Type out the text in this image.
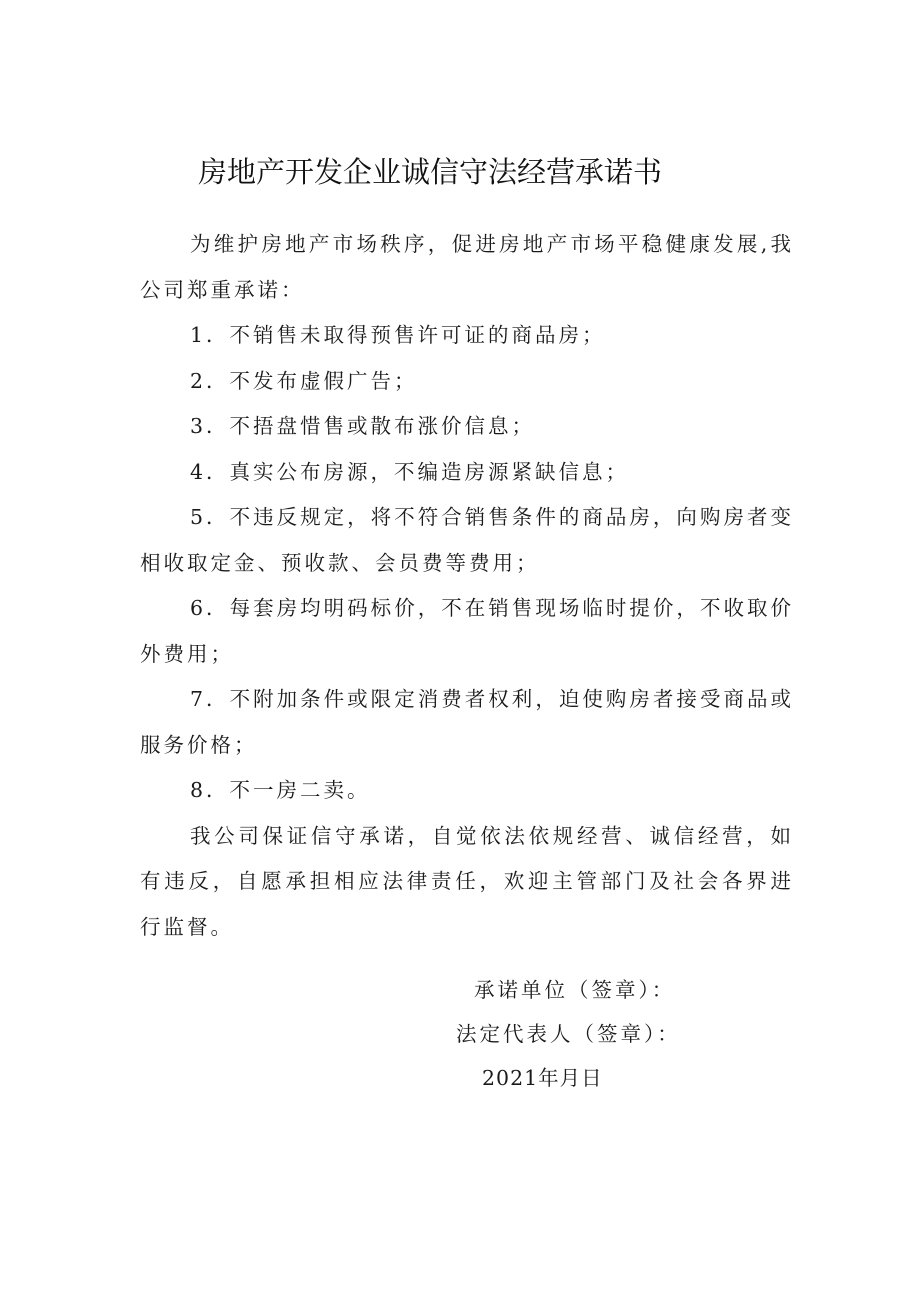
房地产开发企业诚信守法经营承诺书

为维护房地产市场秩序，促进房地产市场平稳健康发展,我公司郑重承诺：

1．不销售未取得预售许可证的商品房；

2．不发布虚假广告；

3．不捂盘惜售或散布涨价信息；

4．真实公布房源，不编造房源紧缺信息；

5．不违反规定，将不符合销售条件的商品房，向购房者变相收取定金、预收款、会员费等费用；

6．每套房均明码标价，不在销售现场临时提价，不收取价外费用；

7．不附加条件或限定消费者权利，迫使购房者接受商品或服务价格；

8．不一房二卖。

我公司保证信守承诺，自觉依法依规经营、诚信经营，如有违反，自愿承担相应法律责任，欢迎主管部门及社会各界进行监督。

承诺单位（签章）：
法定代表人（签章）：
2021年月日
